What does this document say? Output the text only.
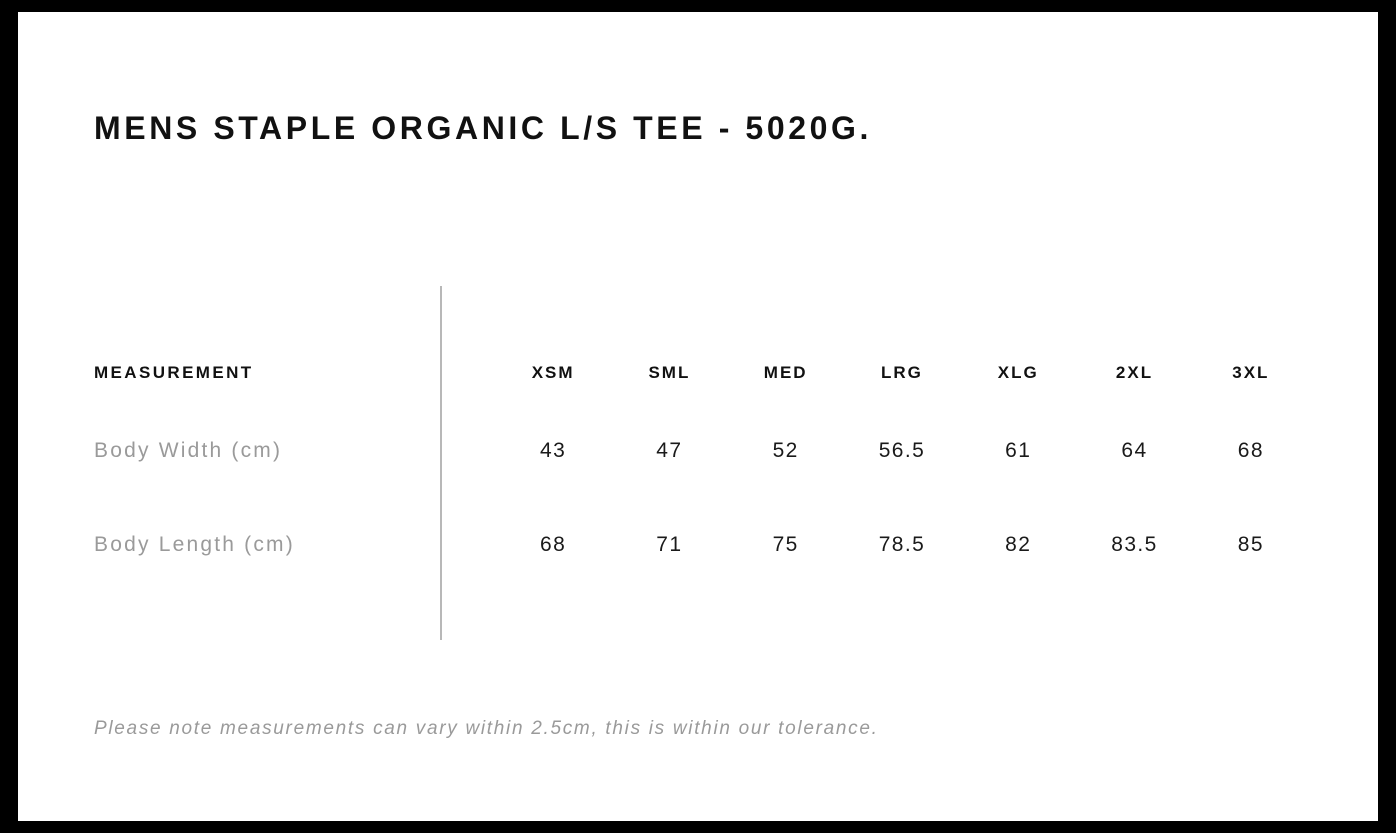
MENS STAPLE ORGANIC L/S TEE - 5020G.
MEASUREMENT		XSM	SML	MED	LRG	XLG	2XL	3XL
Body Width (cm)		43	47	52	56.5	61	64	68
Body Length (cm)		68	71	75	78.5	82	83.5	85
Please note measurements can vary within 2.5cm, this is within our tolerance.
